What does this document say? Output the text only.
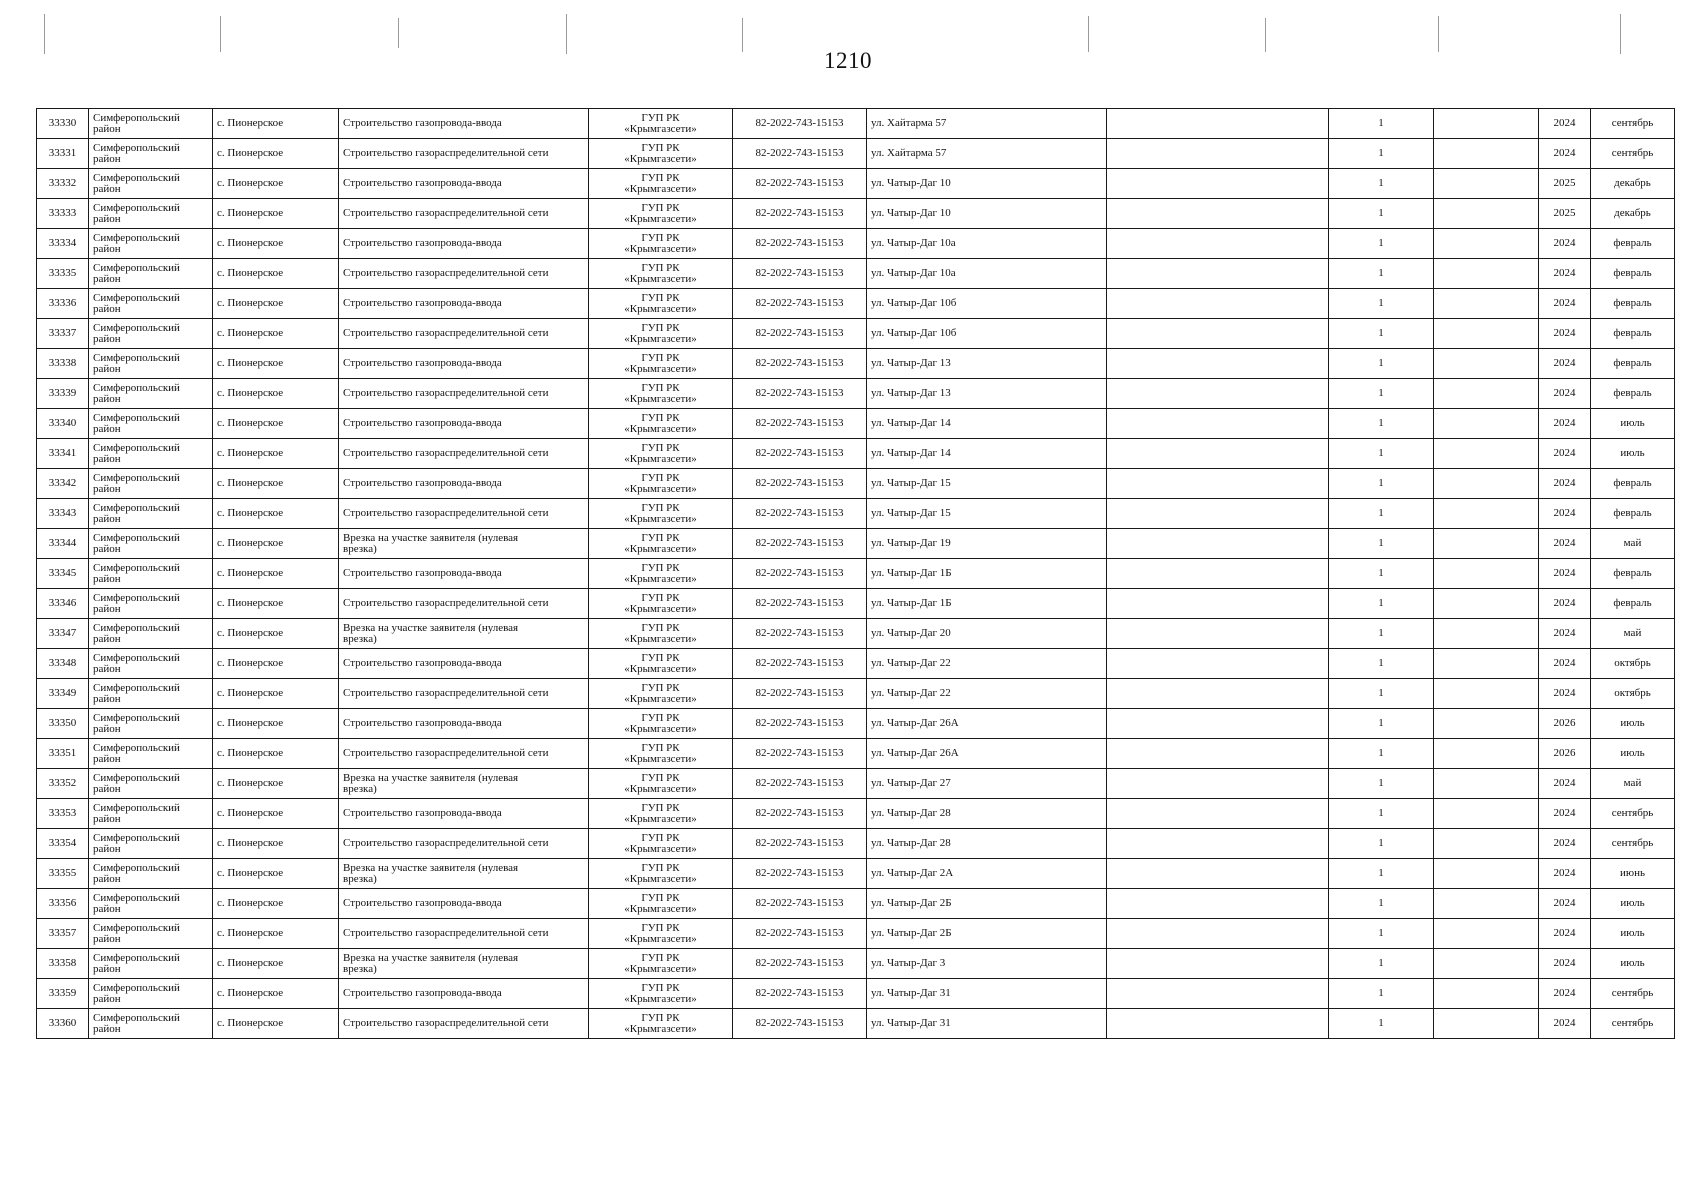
1210
33330	Симферопольский
район	с. Пионерское	Строительство газопровода-ввода	ГУП РК
«Крымгазсети»	82-2022-743-15153	ул. Хайтарма 57		1		2024	сентябрь
33331	Симферопольский
район	с. Пионерское	Строительство газораспределительной сети	ГУП РК
«Крымгазсети»	82-2022-743-15153	ул. Хайтарма 57		1		2024	сентябрь
33332	Симферопольский
район	с. Пионерское	Строительство газопровода-ввода	ГУП РК
«Крымгазсети»	82-2022-743-15153	ул. Чатыр-Даг 10		1		2025	декабрь
33333	Симферопольский
район	с. Пионерское	Строительство газораспределительной сети	ГУП РК
«Крымгазсети»	82-2022-743-15153	ул. Чатыр-Даг 10		1		2025	декабрь
33334	Симферопольский
район	с. Пионерское	Строительство газопровода-ввода	ГУП РК
«Крымгазсети»	82-2022-743-15153	ул. Чатыр-Даг 10а		1		2024	февраль
33335	Симферопольский
район	с. Пионерское	Строительство газораспределительной сети	ГУП РК
«Крымгазсети»	82-2022-743-15153	ул. Чатыр-Даг 10а		1		2024	февраль
33336	Симферопольский
район	с. Пионерское	Строительство газопровода-ввода	ГУП РК
«Крымгазсети»	82-2022-743-15153	ул. Чатыр-Даг 10б		1		2024	февраль
33337	Симферопольский
район	с. Пионерское	Строительство газораспределительной сети	ГУП РК
«Крымгазсети»	82-2022-743-15153	ул. Чатыр-Даг 10б		1		2024	февраль
33338	Симферопольский
район	с. Пионерское	Строительство газопровода-ввода	ГУП РК
«Крымгазсети»	82-2022-743-15153	ул. Чатыр-Даг 13		1		2024	февраль
33339	Симферопольский
район	с. Пионерское	Строительство газораспределительной сети	ГУП РК
«Крымгазсети»	82-2022-743-15153	ул. Чатыр-Даг 13		1		2024	февраль
33340	Симферопольский
район	с. Пионерское	Строительство газопровода-ввода	ГУП РК
«Крымгазсети»	82-2022-743-15153	ул. Чатыр-Даг 14		1		2024	июль
33341	Симферопольский
район	с. Пионерское	Строительство газораспределительной сети	ГУП РК
«Крымгазсети»	82-2022-743-15153	ул. Чатыр-Даг 14		1		2024	июль
33342	Симферопольский
район	с. Пионерское	Строительство газопровода-ввода	ГУП РК
«Крымгазсети»	82-2022-743-15153	ул. Чатыр-Даг 15		1		2024	февраль
33343	Симферопольский
район	с. Пионерское	Строительство газораспределительной сети	ГУП РК
«Крымгазсети»	82-2022-743-15153	ул. Чатыр-Даг 15		1		2024	февраль
33344	Симферопольский
район	с. Пионерское	Врезка на участке заявителя (нулевая
врезка)	ГУП РК
«Крымгазсети»	82-2022-743-15153	ул. Чатыр-Даг 19		1		2024	май
33345	Симферопольский
район	с. Пионерское	Строительство газопровода-ввода	ГУП РК
«Крымгазсети»	82-2022-743-15153	ул. Чатыр-Даг 1Б		1		2024	февраль
33346	Симферопольский
район	с. Пионерское	Строительство газораспределительной сети	ГУП РК
«Крымгазсети»	82-2022-743-15153	ул. Чатыр-Даг 1Б		1		2024	февраль
33347	Симферопольский
район	с. Пионерское	Врезка на участке заявителя (нулевая
врезка)	ГУП РК
«Крымгазсети»	82-2022-743-15153	ул. Чатыр-Даг 20		1		2024	май
33348	Симферопольский
район	с. Пионерское	Строительство газопровода-ввода	ГУП РК
«Крымгазсети»	82-2022-743-15153	ул. Чатыр-Даг 22		1		2024	октябрь
33349	Симферопольский
район	с. Пионерское	Строительство газораспределительной сети	ГУП РК
«Крымгазсети»	82-2022-743-15153	ул. Чатыр-Даг 22		1		2024	октябрь
33350	Симферопольский
район	с. Пионерское	Строительство газопровода-ввода	ГУП РК
«Крымгазсети»	82-2022-743-15153	ул. Чатыр-Даг 26А		1		2026	июль
33351	Симферопольский
район	с. Пионерское	Строительство газораспределительной сети	ГУП РК
«Крымгазсети»	82-2022-743-15153	ул. Чатыр-Даг 26А		1		2026	июль
33352	Симферопольский
район	с. Пионерское	Врезка на участке заявителя (нулевая
врезка)	ГУП РК
«Крымгазсети»	82-2022-743-15153	ул. Чатыр-Даг 27		1		2024	май
33353	Симферопольский
район	с. Пионерское	Строительство газопровода-ввода	ГУП РК
«Крымгазсети»	82-2022-743-15153	ул. Чатыр-Даг 28		1		2024	сентябрь
33354	Симферопольский
район	с. Пионерское	Строительство газораспределительной сети	ГУП РК
«Крымгазсети»	82-2022-743-15153	ул. Чатыр-Даг 28		1		2024	сентябрь
33355	Симферопольский
район	с. Пионерское	Врезка на участке заявителя (нулевая
врезка)	ГУП РК
«Крымгазсети»	82-2022-743-15153	ул. Чатыр-Даг 2А		1		2024	июнь
33356	Симферопольский
район	с. Пионерское	Строительство газопровода-ввода	ГУП РК
«Крымгазсети»	82-2022-743-15153	ул. Чатыр-Даг 2Б		1		2024	июль
33357	Симферопольский
район	с. Пионерское	Строительство газораспределительной сети	ГУП РК
«Крымгазсети»	82-2022-743-15153	ул. Чатыр-Даг 2Б		1		2024	июль
33358	Симферопольский
район	с. Пионерское	Врезка на участке заявителя (нулевая
врезка)	ГУП РК
«Крымгазсети»	82-2022-743-15153	ул. Чатыр-Даг 3		1		2024	июль
33359	Симферопольский
район	с. Пионерское	Строительство газопровода-ввода	ГУП РК
«Крымгазсети»	82-2022-743-15153	ул. Чатыр-Даг 31		1		2024	сентябрь
33360	Симферопольский
район	с. Пионерское	Строительство газораспределительной сети	ГУП РК
«Крымгазсети»	82-2022-743-15153	ул. Чатыр-Даг 31		1		2024	сентябрь
